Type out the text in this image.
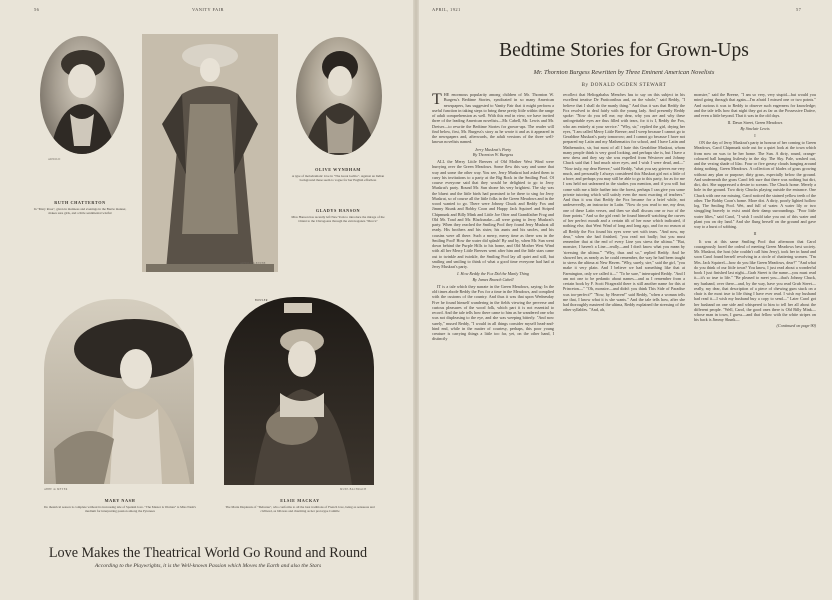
56	VANITY FAIR
ARNOLD
RUTH CHATTERTON
In "Mary Rose", given in matinees and evenings in the Barrie manner, makes sure girls, and a little sentimental wistful
ARNOLD GENTHE
OLIVE WYNDHAM
A type of melodramatic love in "The Great Gabbo". Against an Indian background these seem to vogue for her English effortless
GLADYS HANSON
Miss Hanson has recently left New York to introduce the mirage of the Orient to the Chicagoans through the extravaganza "Mecca"
ABBE de MEYER
BOWLER
MUSE-BACHRACH
MARY NASH
Do theatrical season is complete without its increasing tale of Spanish love. "The Master is Woman" is Miss Nash's medium for interpreting passion among the Pyrenees
ELSIE MACKAY
The Marie Duplessis of "Deburau", who conforms to all the best traditions of French love, being as sensuous and civilized, as bill-less and charming as her prototype Camille
Love Makes the Theatrical World Go Round and Round
According to the Playwrights, it is the Well-known Passion which Moves the Earth and also the Stars
APRIL, 1921	57
Bedtime Stories for Grown-Ups
Mr. Thornton Burgess Rewritten by Three Eminent American Novelists
By DONALD OGDEN STEWART

THE enormous popularity among children of Mr. Thornton W. Burgess's Bedtime Stories, syndicated in so many American newspapers, has suggested to Vanity Fair that it might perform a useful function in taking steps to bring these pretty little within the range of adult comprehension as well. With this end in view, we have invited three of the leading American novelists—Mr. Cabell, Mr. Lewis and Mr. Dreiser—to rewrite the Bedtime Stories for grown-ups. The reader will find below, first, Mr. Burgess's story as he wrote it and as it appeared in the newspapers and, afterwards, the adult versions of the three well-known novelists named.

Jerry Muskrat's Party
By Thornton W. Burgess

ALL the Merry Little Breezes of Old Mother West Wind were hurrying over the Green Meadows. Some flew this way and some that way and some the other way. You see, Jerry Muskrat had asked them to carry his invitations to a party at the Big Rock in the Smiling Pool. Of course everyone said that they would be delighted to go to Jerry Muskrat's party. Round Mr. Sun shone his very brightest. The sky was the bluest and the little birds had promised to be there to sing for Jerry Muskrat, so of course all the little folks in the Green Meadows and in the wood wanted to go. There were Johnny Chuck and Reddy Fox and Jimmy Skunk and Bobby Coon and Happy Jack Squirrel and Striped Chipmunk and Billy Mink and Little Joe Otter and Grandfather Frog and Old Mr. Toad and Mr. Blacksnake—all were going to Jerry Muskrat's party. When they reached the Smiling Pool they found Jerry Muskrat all ready. His brothers and his sister, his aunts and his uncles, and his cousins were all there. Such a merry, merry time as there was in the Smiling Pool! How the water did splash! By and by, when Mr. Sun went down behind the Purple Hills to his home, and Old Mother West Wind with all her Merry Little Breezes went after him and the little stars came out to twinkle and twinkle, the Smiling Pool lay all quiet and still, but smiling and smiling to think of what a good time everyone had had at Jerry Muskrat's party.

I. How Reddy the Fox Did the Manly Thing
By James Branch Cabell

IT is a tale which they narrate in the Green Meadows, saying: In the old times abode Reddy the Fox for a time in the Meadows, and complied with the customs of the country. And thus it was that upon Wednesday Five he found himself wandering in the fields viewing the perverse and curious pleasures of the wood folk, which part it is not essential to record. And the tale tells how there came to him as he wandered one who was not displeasing to the eye, and she was weeping bitterly. "And now surely," mused Reddy, "I would in all things consider myself head-and-hind end, while in the matter of courtesy, perhaps, this poor young creature is carrying things a little too far, yet, on the other hand, I distinctly

recollect that Heliogabalus Menches has to say on this subject in his excellent treatise De Particonibus and, on the whole," said Reddy, "I believe that I shall do the manly thing." And thus it was that Reddy the Fox resolved to deal fairly with the young lady. And presently Reddy spoke: "Now do you tell me, my dear, why you are and why these unforgettable eyes are thus filled with tears, for it is I, Reddy the Fox, who am entirely at your service." "Why, sir," replied the girl, drying her eyes, "I am called Merry Little Breeze; and I weep because I cannot go to Geraldine Muskrat's party tomorrow; and I cannot go because I have not prepared my Latin and my Mathematics for school, and I have Latin and Mathematics, sir, but most of all I hate this Geraldine Muskrat, whom many people think is very good looking, and perhaps she is, but I have a new dress and they say she was expelled from Westover and Johnny Chuck said that I had much nicer eyes, and I wish I were dead, and—" "Now truly, my dear Breeze," said Reddy, "what you say grieves me very much, and personally I always considered this Muskrat girl not a little of a bore; and perhaps you may still be able to go to this party, for as for me I was held not unlearned in the studies you mention, and if you will but come with me a little further into the forest, perhaps I can give you some private tutoring which will satisfy even the most exacting of teachers." And thus it was that Reddy the Fox became for a brief while, not undeservedly, an instructor in Latin. "Now do you read to me, my dear, one of these Latin verses, and then we shall discuss one or two of the finer points." And so the girl read: he found himself watching the curves of her perfect mouth and a certain tilt of her nose which indicated, if nothing else, that West Wind of long and long ago, and for no reason at all Reddy the Fox found his eyes were wet with tears. "And now, my dear," when she had finished, "you read not badly; but you must remember that at the end of every Line you stress the ultima." "But, monsire, I haven't a Line—really—and I don't know what you mean by 'stressing the ultima.'" "Why, thus and so," replied Reddy. And he showed her, as nearly as he could remember, the way he had been taught to stress the ultima at New Haven. "Why, surely, sire," said the girl, "you make it very plain. And I believe we had something like that at Farmington, only we called it—" "To be sure," interrupted Reddy. "And I am not one to be pedantic about names—and as I remember from a certain book by F. Scott Fitzgerald there is still another name for this at Princeton—" "Oh, monsire—and didn't you think This Side of Paradise was too-perfect?" "Now, by Heaven!" said Reddy, "when a woman tells me that, I know what it is she wants." And the tale tells how, after she had thoroughly mastered the ultima, Reddy explained the stressing of the other syllables. "And, ah,

monsire," said the Breeze, "I am so very, very stupid—but would you mind going through that again—I'm afraid I missed one or two points." And curious it was to Reddy to observe such eagerness for knowledge; and the tale tells how that night they got as far as the Possessive Dative, and even a little beyond. That it was in the old days.

II. Dawn Street, Green Meadows
By Sinclair Lewis
I

ON the day of Jerry Muskrat's party in honour of her coming to Green Meadows, Carol Chipmunk stole out for a quiet look at the town which from now on was to be her home. The Sun. A dirty, round, orange-coloured ball hanging listlessly in the sky. The Sky. Pale, washed out, and the vexing shade of lilac. Four or five greasy clouds hanging around doing nothing. Green Meadows. A collection of blades of grass growing without any plan or purpose; dirty grass, especially below the ground. And underneath the grass Carol felt sure that there was nothing but dirt, dirt, dirt. She suppressed a desire to scream. The Chuck home. Merely a hole in the ground. Two dirty Chucks playing outside the entrance. One Chuck with one ear missing. Carol noticed the stained yellow teeth of the other. The Bobby Coon's home. More dirt. A dirty, poorly lighted hollow log. The Smiling Pool. Wet, and full of water. A water lily or two struggling bravely to exist amid their damp surroundings. "Poor little water lilies," said Carol, "I wish I could take you out of this water and plant you on dry land." And she flung herself on the ground and gave way to a burst of sobbing.

II

It was at this same Smiling Pool that afternoon that Carol courageously faced the ordeal of meeting Green Meadows best society. Mr. Muskrat, the host (she couldn't call him Jerry), took her in hand and soon Carol found herself revolving in a circle of chattering women. "I'm Mrs. Jack Squirrel—how do you like Green Meadows, dear?" "And what do you think of our little town? You know, I just read about a wonderful book I just finished last night—Grab Street is the name—you must read it—it's so true to life." "Be pleased to meet you—that's Johnny Chuck, my husband, over there—and, by the way, have you read Grub Street—really, my dear, that description of a piece of chewing gum stuck on a chair is the most true to life thing I have ever read. I wish my husband had read it—I wish my husband buy a copy to send—" Later Carol got her husband on one side and whispered to him to tell her all about the different people. "Well, Carol, the good ones there is Old Billy Mink—whose man in town, I guess—and that fellow with the white stripes on his back is Jimmy Skunk—

(Continued on page 90)
